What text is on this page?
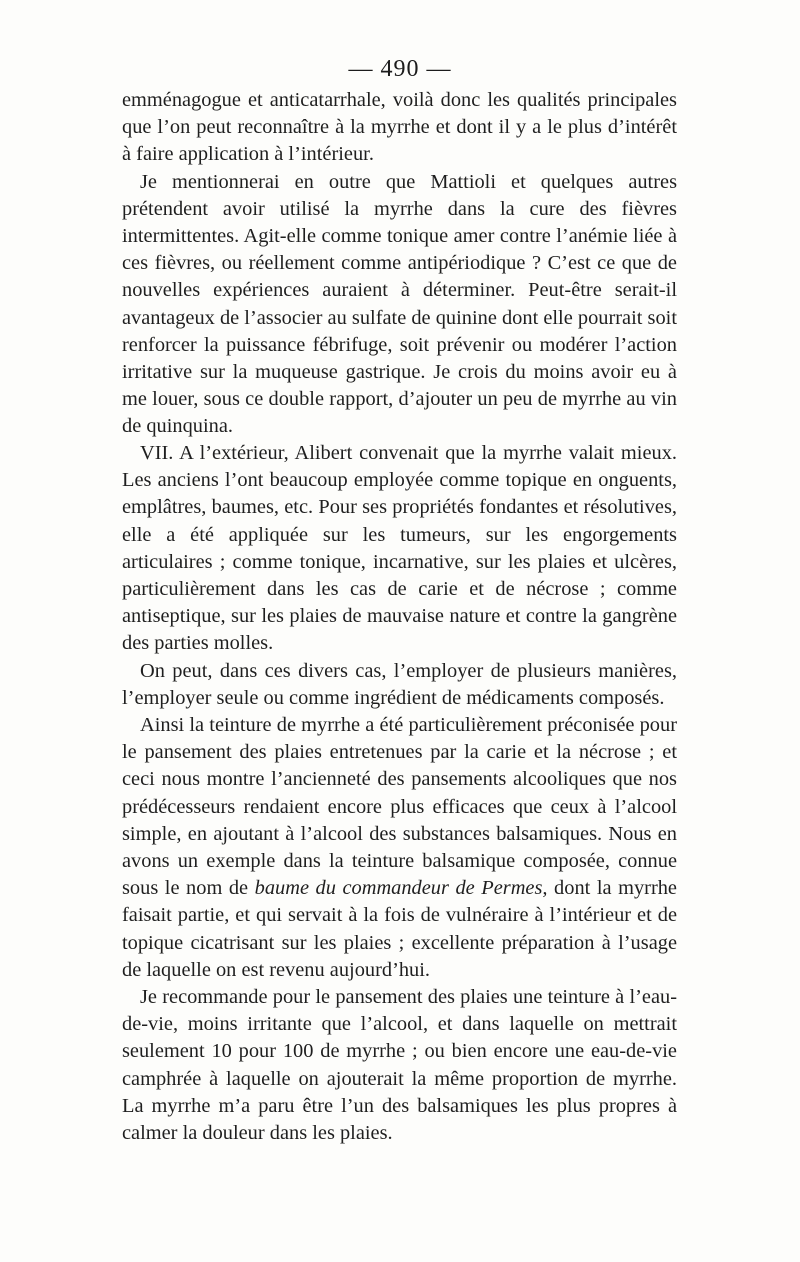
— 490 —

emménagogue et anticatarrhale, voilà donc les qualités principales que l’on peut reconnaître à la myrrhe et dont il y a le plus d’intérêt à faire application à l’intérieur.

Je mentionnerai en outre que Mattioli et quelques autres prétendent avoir utilisé la myrrhe dans la cure des fièvres intermittentes. Agit-elle comme tonique amer contre l’anémie liée à ces fièvres, ou réellement comme antipériodique ? C’est ce que de nouvelles expériences auraient à déterminer. Peut-être serait-il avantageux de l’associer au sulfate de quinine dont elle pourrait soit renforcer la puissance fébrifuge, soit prévenir ou modérer l’action irritative sur la muqueuse gastrique. Je crois du moins avoir eu à me louer, sous ce double rapport, d’ajouter un peu de myrrhe au vin de quinquina.

VII. A l’extérieur, Alibert convenait que la myrrhe valait mieux. Les anciens l’ont beaucoup employée comme topique en onguents, emplâtres, baumes, etc. Pour ses propriétés fondantes et résolutives, elle a été appliquée sur les tumeurs, sur les engorgements articulaires ; comme tonique, incarnative, sur les plaies et ulcères, particulièrement dans les cas de carie et de nécrose ; comme antiseptique, sur les plaies de mauvaise nature et contre la gangrène des parties molles.

On peut, dans ces divers cas, l’employer de plusieurs manières, l’employer seule ou comme ingrédient de médicaments composés.

Ainsi la teinture de myrrhe a été particulièrement préconisée pour le pansement des plaies entretenues par la carie et la nécrose ; et ceci nous montre l’ancienneté des pansements alcooliques que nos prédécesseurs rendaient encore plus efficaces que ceux à l’alcool simple, en ajoutant à l’alcool des substances balsamiques. Nous en avons un exemple dans la teinture balsamique composée, connue sous le nom de baume du commandeur de Permes, dont la myrrhe faisait partie, et qui servait à la fois de vulnéraire à l’intérieur et de topique cicatrisant sur les plaies ; excellente préparation à l’usage de laquelle on est revenu aujourd’hui.

Je recommande pour le pansement des plaies une teinture à l’eau-de-vie, moins irritante que l’alcool, et dans laquelle on mettrait seulement 10 pour 100 de myrrhe ; ou bien encore une eau-de-vie camphrée à laquelle on ajouterait la même proportion de myrrhe. La myrrhe m’a paru être l’un des balsamiques les plus propres à calmer la douleur dans les plaies.
